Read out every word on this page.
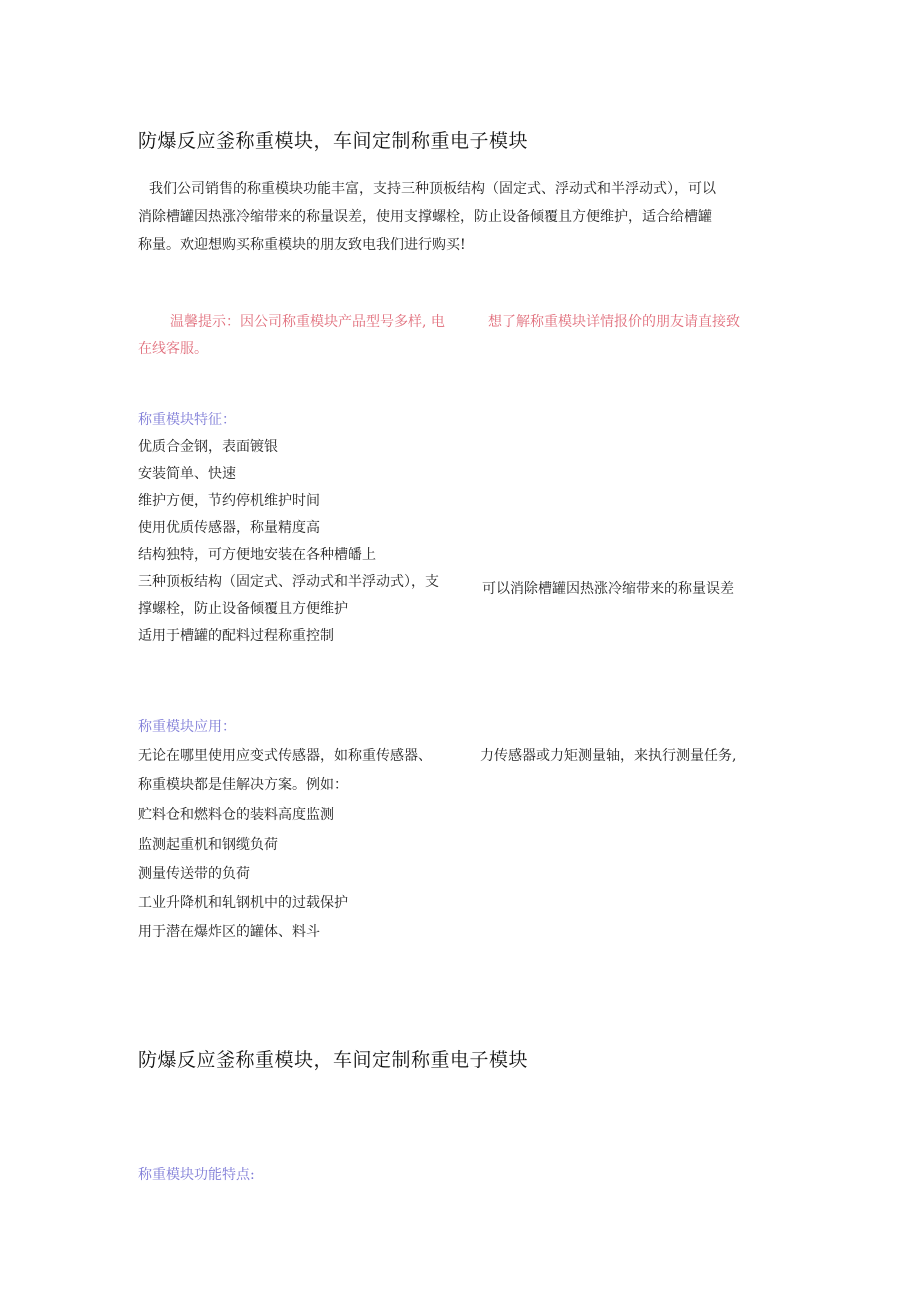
防爆反应釜称重模块，车间定制称重电子模块
我们公司销售的称重模块功能丰富，支持三种顶板结构（固定式、浮动式和半浮动式），可以
消除槽罐因热涨冷缩带来的称量误差，使用支撑螺栓，防止设备倾覆且方便维护，适合给槽罐
称量。欢迎想购买称重模块的朋友致电我们进行购买!
温馨提示：因公司称重模块产品型号多样, 电	想了解称重模块详情报价的朋友请直接致
在线客服。
称重模块特征：
优质合金钢，表面镀银
安装简单、快速
维护方便，节约停机维护时间
使用优质传感器，称量精度高
结构独特，可方便地安装在各种槽皤上
三种顶板结构（固定式、浮动式和半浮动式），支	可以消除槽罐因热涨冷缩带来的称量误差
撑螺栓，防止设备倾覆且方便维护
适用于槽罐的配料过程称重控制
称重模块应用：
无论在哪里使用应变式传感器，如称重传感器、	力传感器或力矩测量轴，来执行测量任务,
称重模块都是佳解决方案。例如：
贮料仓和燃料仓的装料高度监测
监测起重机和钢缆负荷
测量传送带的负荷
工业升降机和轧钢机中的过载保护
用于潜在爆炸区的罐体、料斗
防爆反应釜称重模块，车间定制称重电子模块
称重模块功能特点:
